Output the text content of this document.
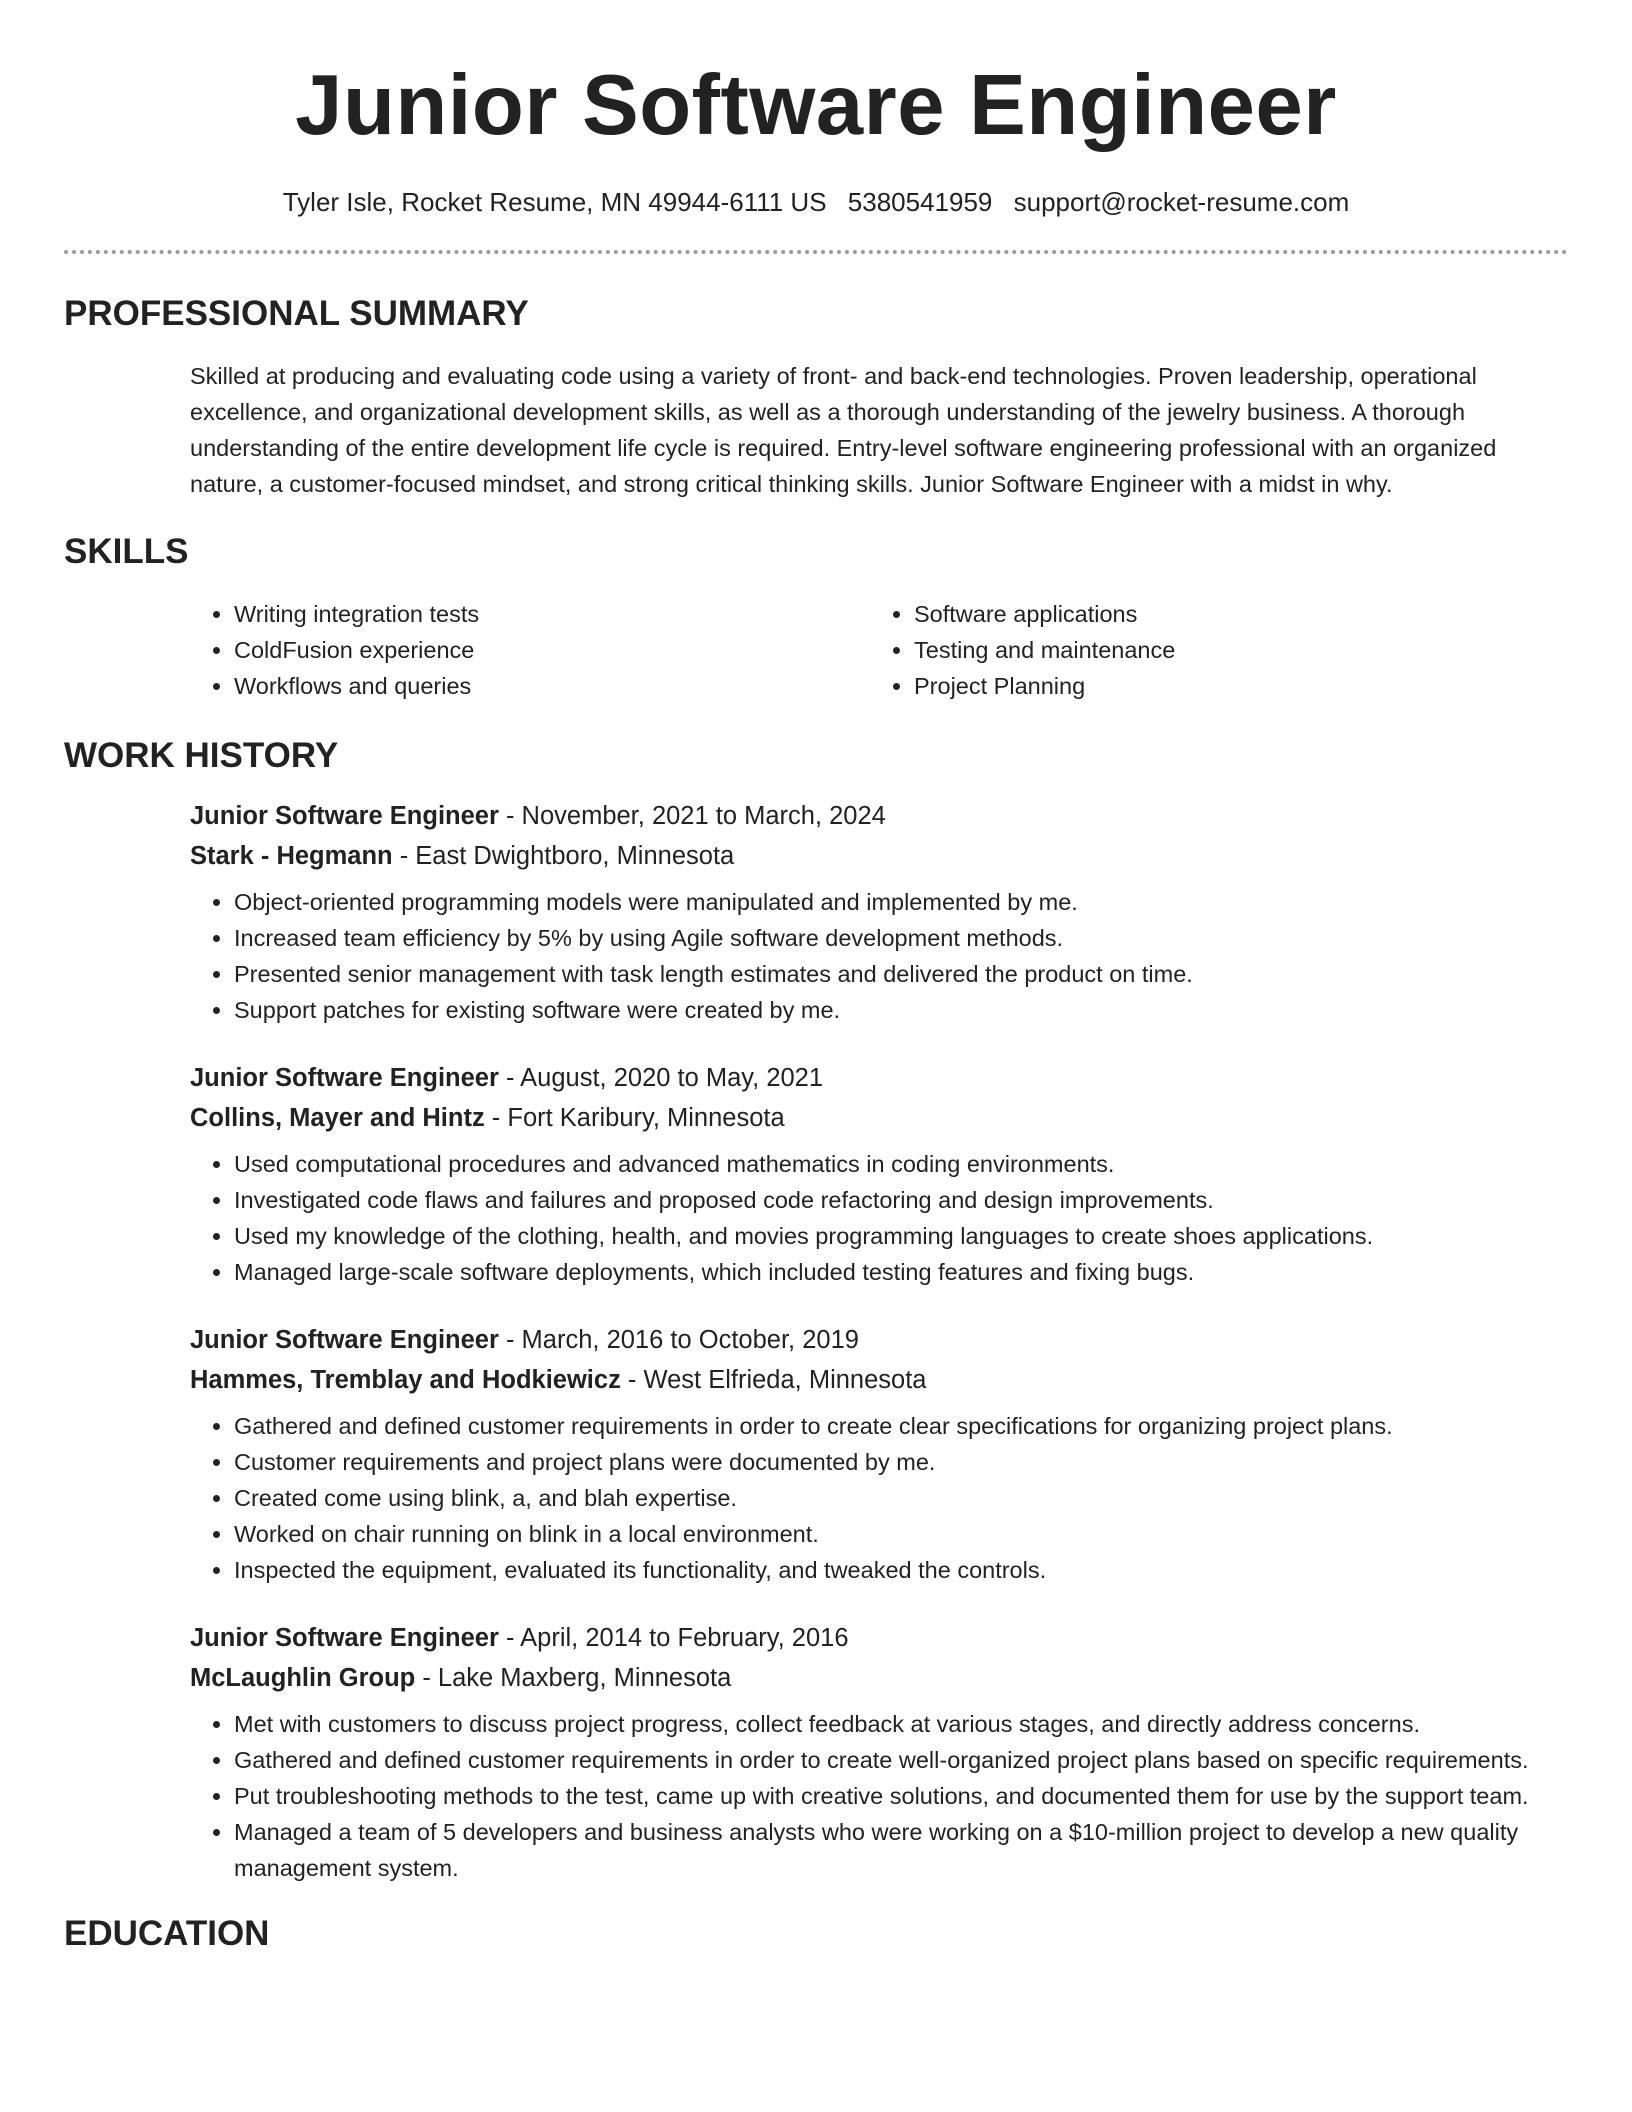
Junior Software Engineer
Tyler Isle, Rocket Resume, MN 49944-6111 US 5380541959 support@rocket-resume.com
PROFESSIONAL SUMMARY

Skilled at producing and evaluating code using a variety of front- and back-end technologies. Proven leadership, operational excellence, and organizational development skills, as well as a thorough understanding of the jewelry business. A thorough understanding of the entire development life cycle is required. Entry-level software engineering professional with an organized nature, a customer-focused mindset, and strong critical thinking skills. Junior Software Engineer with a midst in why.

SKILLS
• Writing integration tests
• ColdFusion experience
• Workflows and queries
• Software applications
• Testing and maintenance
• Project Planning
WORK HISTORY
Junior Software Engineer - November, 2021 to March, 2024
Stark - Hegmann - East Dwightboro, Minnesota
• Object-oriented programming models were manipulated and implemented by me.
• Increased team efficiency by 5% by using Agile software development methods.
• Presented senior management with task length estimates and delivered the product on time.
• Support patches for existing software were created by me.
Junior Software Engineer - August, 2020 to May, 2021
Collins, Mayer and Hintz - Fort Karibury, Minnesota
• Used computational procedures and advanced mathematics in coding environments.
• Investigated code flaws and failures and proposed code refactoring and design improvements.
• Used my knowledge of the clothing, health, and movies programming languages to create shoes applications.
• Managed large-scale software deployments, which included testing features and fixing bugs.
Junior Software Engineer - March, 2016 to October, 2019
Hammes, Tremblay and Hodkiewicz - West Elfrieda, Minnesota
• Gathered and defined customer requirements in order to create clear specifications for organizing project plans.
• Customer requirements and project plans were documented by me.
• Created come using blink, a, and blah expertise.
• Worked on chair running on blink in a local environment.
• Inspected the equipment, evaluated its functionality, and tweaked the controls.
Junior Software Engineer - April, 2014 to February, 2016
McLaughlin Group - Lake Maxberg, Minnesota
• Met with customers to discuss project progress, collect feedback at various stages, and directly address concerns.
• Gathered and defined customer requirements in order to create well-organized project plans based on specific requirements.
• Put troubleshooting methods to the test, came up with creative solutions, and documented them for use by the support team.
• Managed a team of 5 developers and business analysts who were working on a $10-million project to develop a new quality management system.
EDUCATION
